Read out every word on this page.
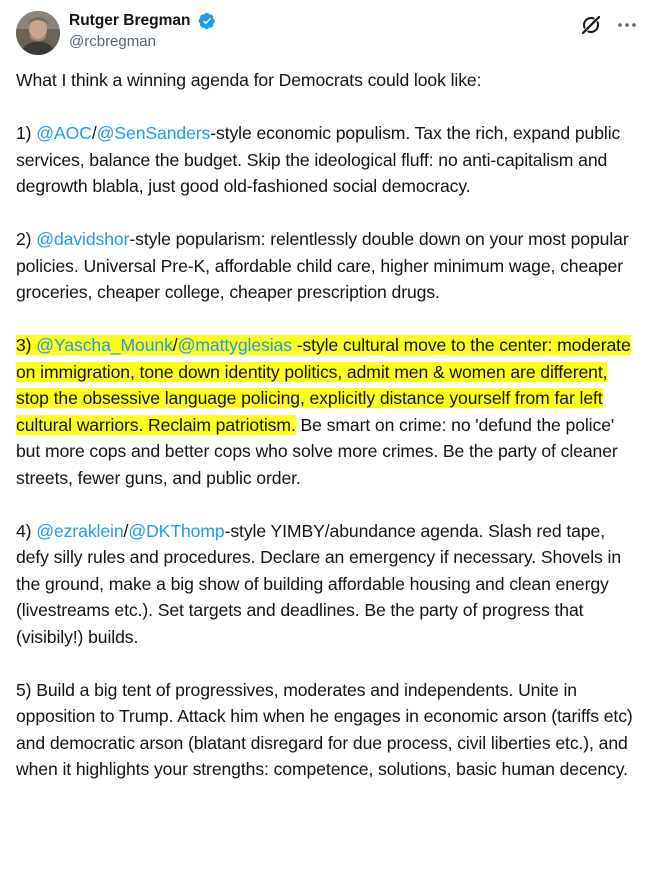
Rutger Bregman
@rcbregman

What I think a winning agenda for Democrats could look like:

1) @AOC/@SenSanders-style economic populism. Tax the rich, expand public services, balance the budget. Skip the ideological fluff: no anti-capitalism and degrowth blabla, just good old-fashioned social democracy.

2) @davidshor-style popularism: relentlessly double down on your most popular policies. Universal Pre-K, affordable child care, higher minimum wage, cheaper groceries, cheaper college, cheaper prescription drugs.

3) @Yascha_Mounk/@mattyglesias -style cultural move to the center: moderate on immigration, tone down identity politics, admit men & women are different, stop the obsessive language policing, explicitly distance yourself from far left cultural warriors. Reclaim patriotism. Be smart on crime: no 'defund the police' but more cops and better cops who solve more crimes. Be the party of cleaner streets, fewer guns, and public order.

4) @ezraklein/@DKThomp-style YIMBY/abundance agenda. Slash red tape, defy silly rules and procedures. Declare an emergency if necessary. Shovels in the ground, make a big show of building affordable housing and clean energy (livestreams etc.). Set targets and deadlines. Be the party of progress that (visibily!) builds.

5) Build a big tent of progressives, moderates and independents. Unite in opposition to Trump. Attack him when he engages in economic arson (tariffs etc) and democratic arson (blatant disregard for due process, civil liberties etc.), and when it highlights your strengths: competence, solutions, basic human decency.
